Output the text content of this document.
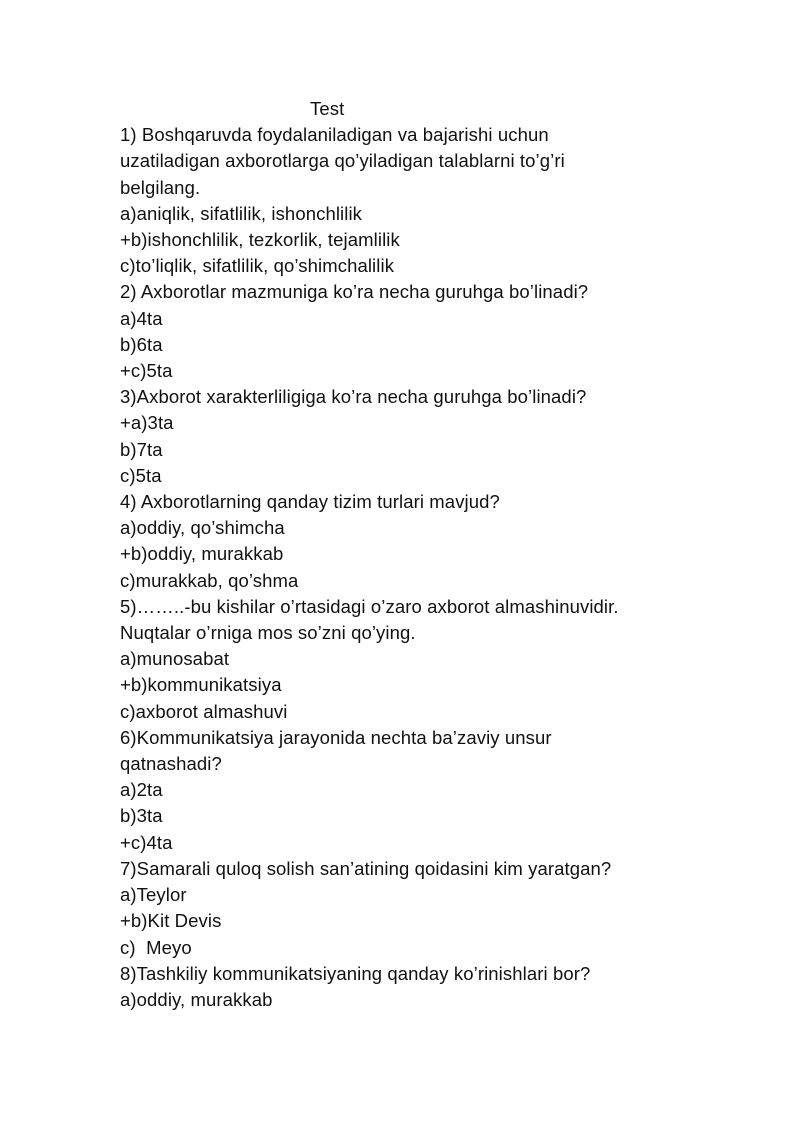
Test
1) Boshqaruvda foydalaniladigan va bajarishi uchun
uzatiladigan axborotlarga qo’yiladigan talablarni to’g’ri
belgilang.
a)aniqlik, sifatlilik, ishonchlilik
+b)ishonchlilik, tezkorlik, tejamlilik
c)to’liqlik, sifatlilik, qo’shimchalilik
2) Axborotlar mazmuniga ko’ra necha guruhga bo’linadi?
a)4ta
b)6ta
+c)5ta
3)Axborot xarakterliligiga ko’ra necha guruhga bo’linadi?
+a)3ta
b)7ta
c)5ta
4) Axborotlarning qanday tizim turlari mavjud?
a)oddiy, qo’shimcha
+b)oddiy, murakkab
c)murakkab, qo’shma
5)……..-bu kishilar o’rtasidagi o’zaro axborot almashinuvidir.
Nuqtalar o’rniga mos so’zni qo’ying.
a)munosabat
+b)kommunikatsiya
c)axborot almashuvi
6)Kommunikatsiya jarayonida nechta ba’zaviy unsur
qatnashadi?
a)2ta
b)3ta
+c)4ta
7)Samarali quloq solish san’atining qoidasini kim yaratgan?
a)Teylor
+b)Kit Devis
c)  Meyo
8)Tashkiliy kommunikatsiyaning qanday ko’rinishlari bor?
a)oddiy, murakkab
